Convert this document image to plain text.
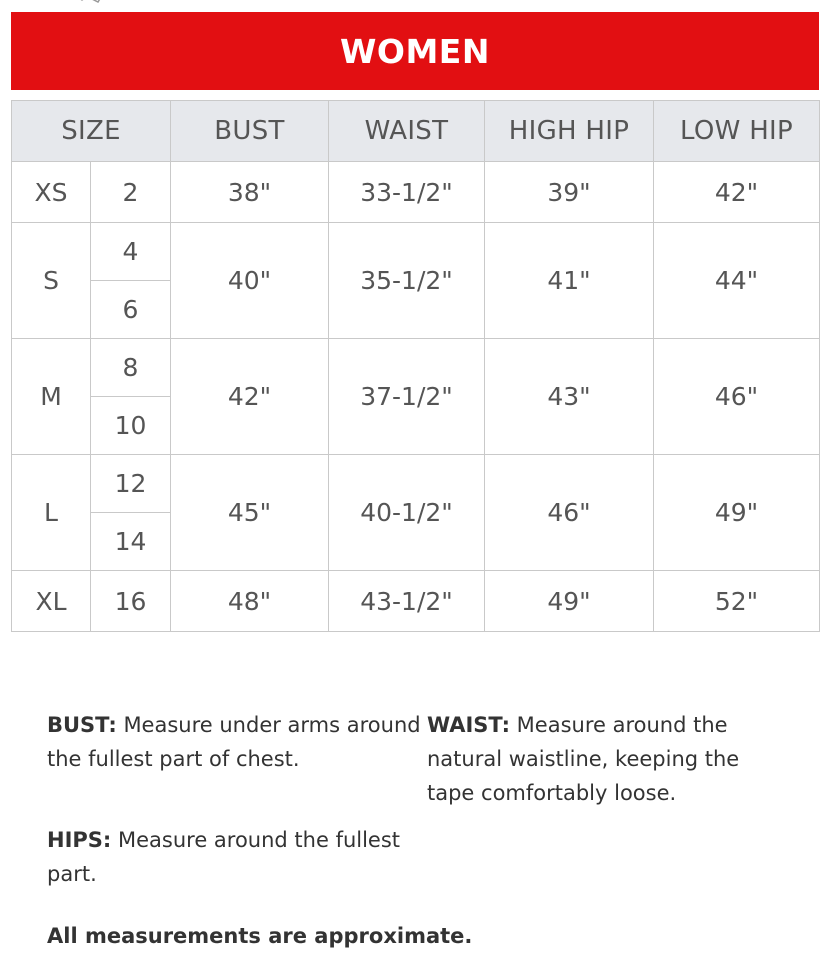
WOMEN
SIZE		BUST	WAIST	HIGH HIP	LOW HIP
XS	2	38"	33-1/2"	39"	42"
S	4	40"	35-1/2"	41"	44"
	6				
M	8	42"	37-1/2"	43"	46"
	10				
L	12	45"	40-1/2"	46"	49"
	14				
XL	16	48"	43-1/2"	49"	52"

BUST: Measure under arms around the fullest part of chest.

WAIST: Measure around the natural waistline, keeping the tape comfortably loose.

HIPS: Measure around the fullest part.

All measurements are approximate.
